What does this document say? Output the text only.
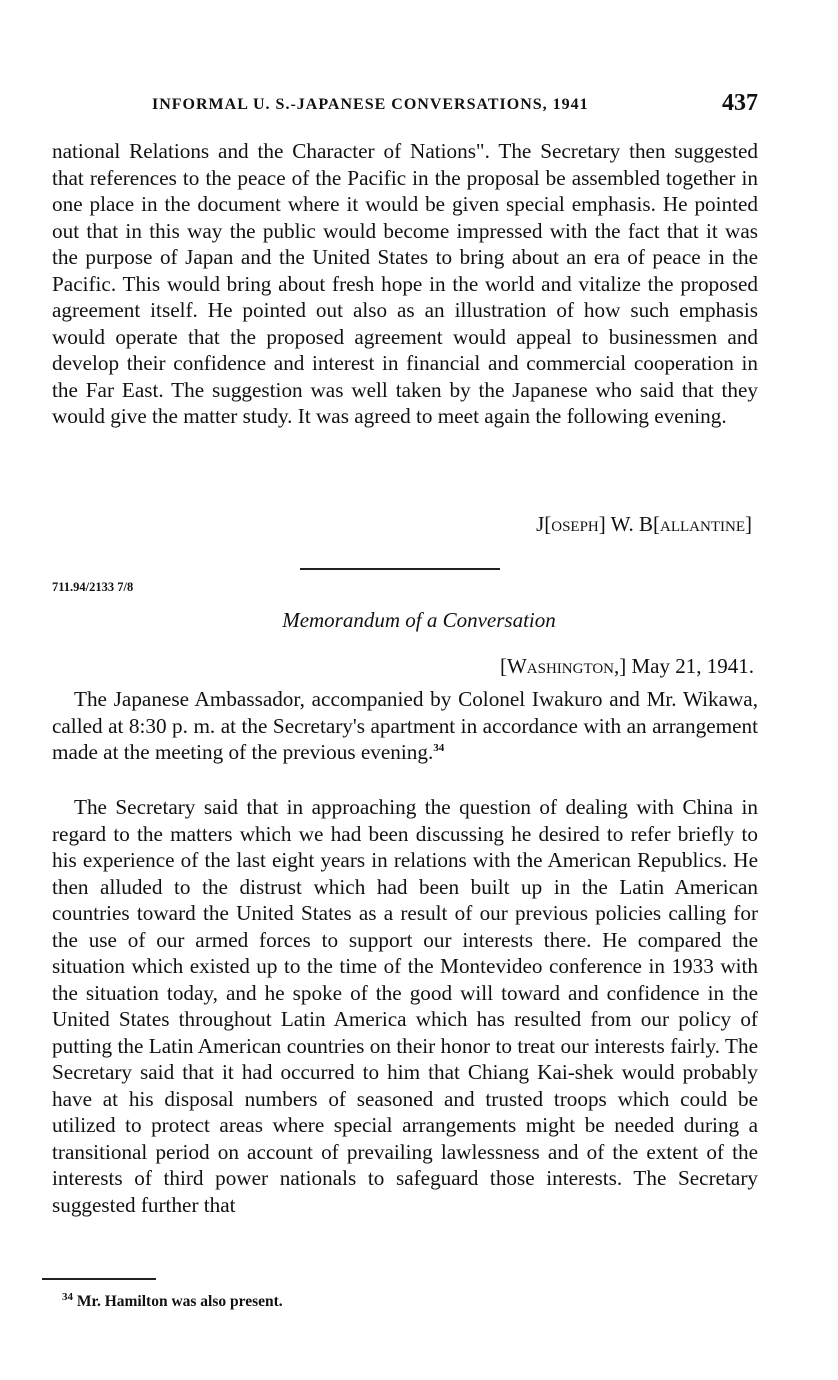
INFORMAL U. S.-JAPANESE CONVERSATIONS, 1941	437

national Relations and the Character of Nations". The Secretary then suggested that references to the peace of the Pacific in the proposal be assembled together in one place in the document where it would be given special emphasis. He pointed out that in this way the public would become impressed with the fact that it was the purpose of Japan and the United States to bring about an era of peace in the Pacific. This would bring about fresh hope in the world and vitalize the proposed agreement itself. He pointed out also as an illustration of how such emphasis would operate that the proposed agreement would appeal to businessmen and develop their confidence and interest in financial and commercial cooperation in the Far East. The suggestion was well taken by the Japanese who said that they would give the matter study. It was agreed to meet again the following evening.

J[oseph] W. B[allantine]
711.94/2133 7/8
Memorandum of a Conversation
[Washington,] May 21, 1941.

The Japanese Ambassador, accompanied by Colonel Iwakuro and Mr. Wikawa, called at 8:30 p. m. at the Secretary's apartment in accordance with an arrangement made at the meeting of the previous evening.$^{34}$

The Secretary said that in approaching the question of dealing with China in regard to the matters which we had been discussing he desired to refer briefly to his experience of the last eight years in relations with the American Republics. He then alluded to the distrust which had been built up in the Latin American countries toward the United States as a result of our previous policies calling for the use of our armed forces to support our interests there. He compared the situation which existed up to the time of the Montevideo conference in 1933 with the situation today, and he spoke of the good will toward and confidence in the United States throughout Latin America which has resulted from our policy of putting the Latin American countries on their honor to treat our interests fairly. The Secretary said that it had occurred to him that Chiang Kai-shek would probably have at his disposal numbers of seasoned and trusted troops which could be utilized to protect areas where special arrangements might be needed during a transitional period on account of prevailing lawlessness and of the extent of the interests of third power nationals to safeguard those interests. The Secretary suggested further that

$^{34}$ Mr. Hamilton was also present.
